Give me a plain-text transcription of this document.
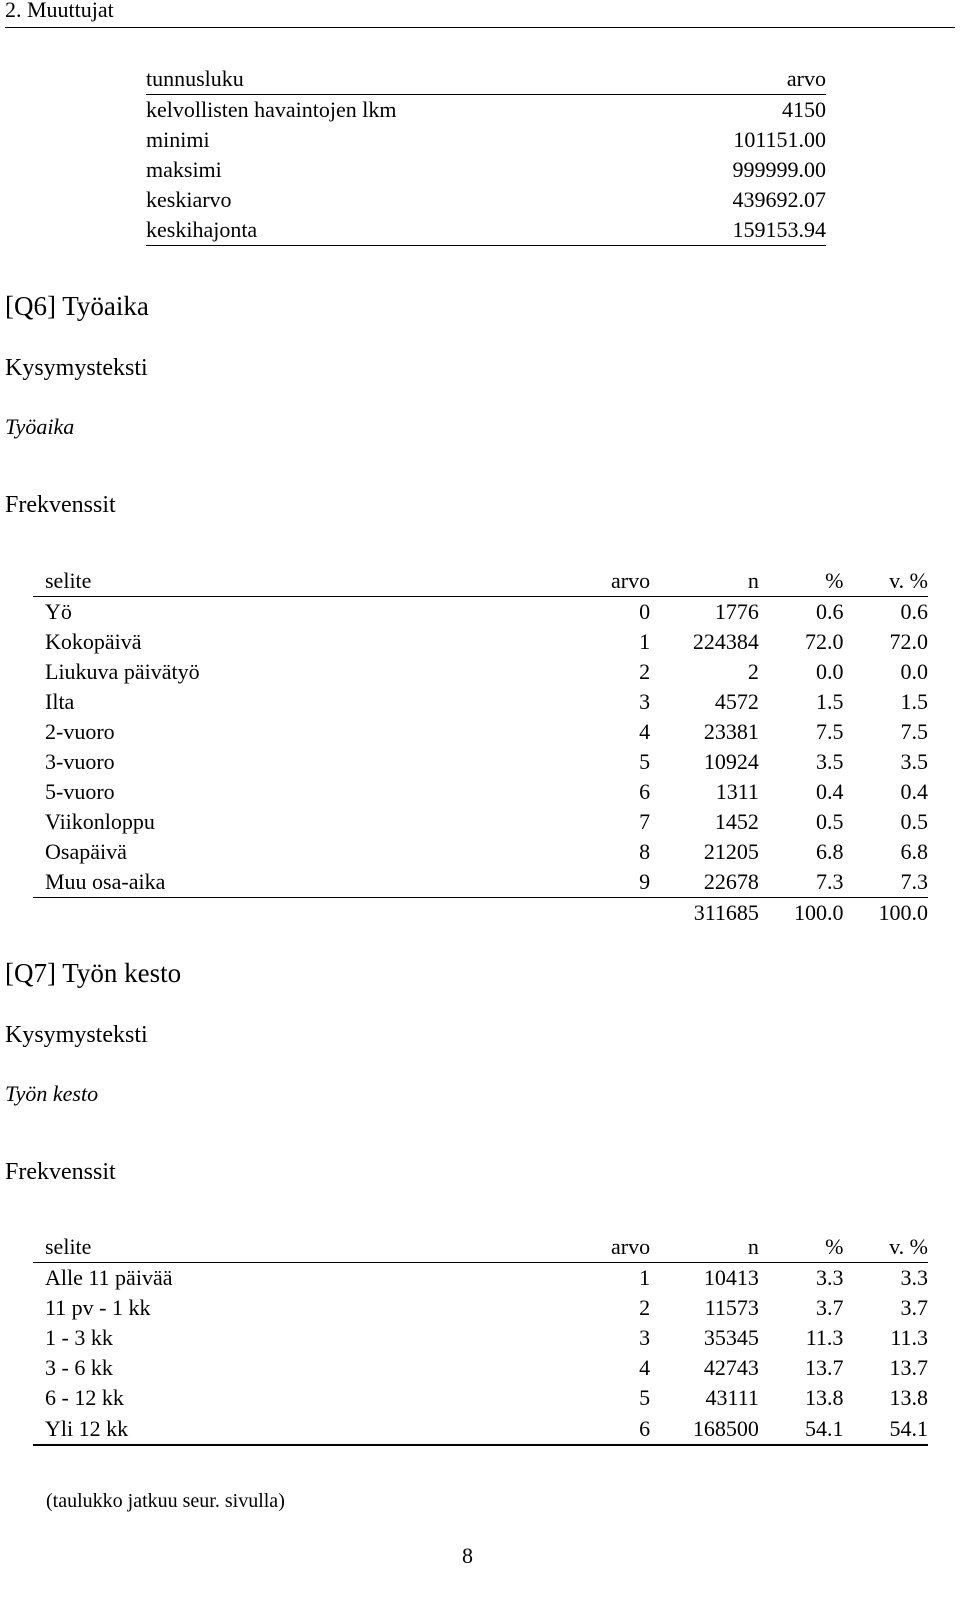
2. Muuttujat
tunnusluku	arvo
kelvollisten havaintojen lkm	4150
minimi	101151.00
maksimi	999999.00
keskiarvo	439692.07
keskihajonta	159153.94
[Q6] Työaika
Kysymysteksti
Työaika
Frekvenssit
selite	arvo	n	%	v. %
Yö	0	1776	0.6	0.6
Kokopäivä	1	224384	72.0	72.0
Liukuva päivätyö	2	2	0.0	0.0
Ilta	3	4572	1.5	1.5
2-vuoro	4	23381	7.5	7.5
3-vuoro	5	10924	3.5	3.5
5-vuoro	6	1311	0.4	0.4
Viikonloppu	7	1452	0.5	0.5
Osapäivä	8	21205	6.8	6.8
Muu osa-aika	9	22678	7.3	7.3
		311685	100.0	100.0
[Q7] Työn kesto
Kysymysteksti
Työn kesto
Frekvenssit
selite	arvo	n	%	v. %
Alle 11 päivää	1	10413	3.3	3.3
11 pv - 1 kk	2	11573	3.7	3.7
1 - 3 kk	3	35345	11.3	11.3
3 - 6 kk	4	42743	13.7	13.7
6 - 12 kk	5	43111	13.8	13.8
Yli 12 kk	6	168500	54.1	54.1
(taulukko jatkuu seur. sivulla)
8
